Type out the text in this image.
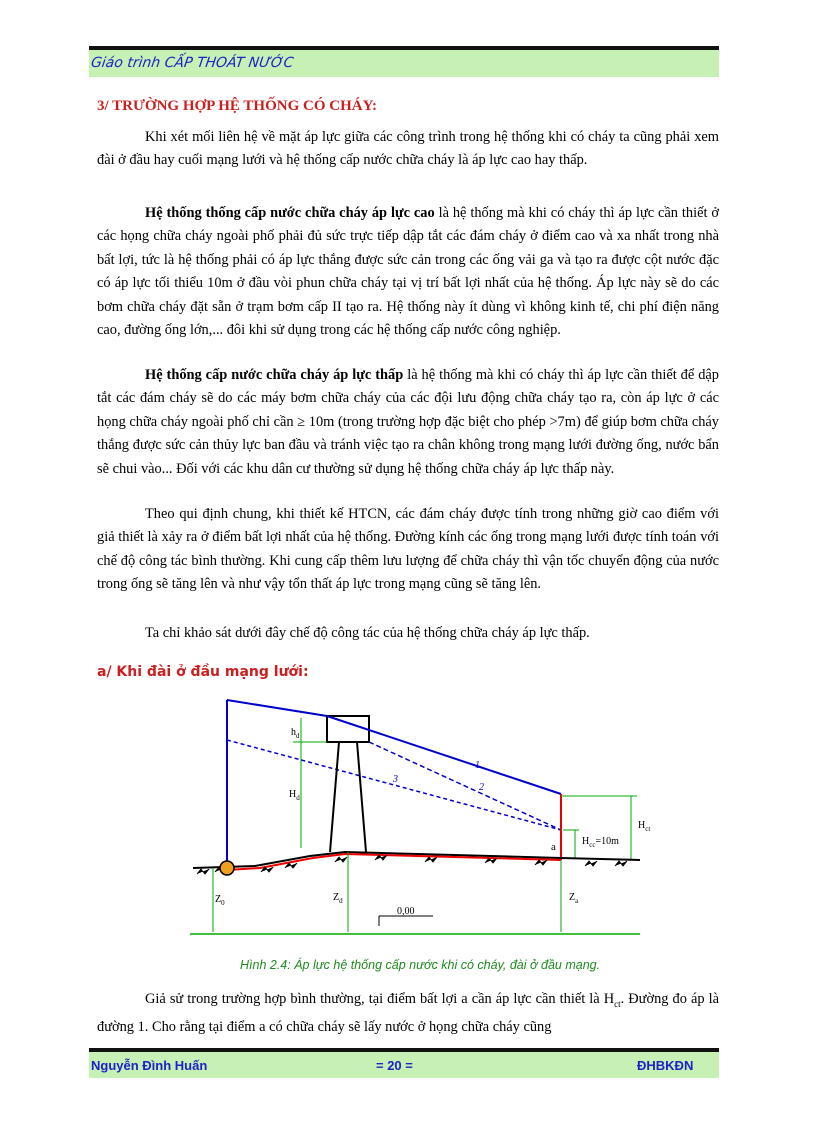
Giáo trình CẤP THOÁT NƯỚC
3/ TRƯỜNG HỢP HỆ THỐNG CÓ CHÁY:

Khi xét mối liên hệ về mặt áp lực giữa các công trình trong hệ thống khi có cháy ta cũng phải xem đài ở đầu hay cuối mạng lưới và hệ thống cấp nước chữa cháy là áp lực cao hay thấp.

Hệ thống thống cấp nước chữa cháy áp lực cao là hệ thống mà khi có cháy thì áp lực cần thiết ở các họng chữa cháy ngoài phố phải đủ sức trực tiếp dập tắt các đám cháy ở điểm cao và xa nhất trong nhà bất lợi, tức là hệ thống phải có áp lực thắng được sức cản trong các ống vải ga và tạo ra được cột nước đặc có áp lực tối thiểu 10m ở đầu vòi phun chữa cháy tại vị trí bất lợi nhất của hệ thống. Áp lực này sẽ do các bơm chữa cháy đặt sẵn ở trạm bơm cấp II tạo ra. Hệ thống này ít dùng vì không kinh tế, chi phí điện năng cao, đường ống lớn,... đôi khi sử dụng trong các hệ thống cấp nước công nghiệp.

Hệ thống cấp nước chữa cháy áp lực thấp là hệ thống mà khi có cháy thì áp lực cần thiết để dập tắt các đám cháy sẽ do các máy bơm chữa cháy của các đội lưu động chữa cháy tạo ra, còn áp lực ở các họng chữa cháy ngoài phố chỉ cần ≥ 10m (trong trường hợp đặc biệt cho phép >7m) để giúp bơm chữa cháy thắng được sức cản thủy lực ban đầu và tránh việc tạo ra chân không trong mạng lưới đường ống, nước bẩn sẽ chui vào... Đối với các khu dân cư thường sử dụng hệ thống chữa cháy áp lực thấp này.

Theo qui định chung, khi thiết kế HTCN, các đám cháy được tính trong những giờ cao điểm với giả thiết là xảy ra ở điểm bất lợi nhất của hệ thống. Đường kính các ống trong mạng lưới được tính toán với chế độ công tác bình thường. Khi cung cấp thêm lưu lượng để chữa cháy thì vận tốc chuyển động của nước trong ống sẽ tăng lên và như vậy tổn thất áp lực trong mạng cũng sẽ tăng lên.

Ta chỉ khảo sát dưới đây chế độ công tác của hệ thống chữa cháy áp lực thấp.

a/ Khi đài ở đầu mạng lưới:
$h_d$
$H_d$
1
2
3
$H_{ct}$
$H_{cc}=10m$
a
$Z_0$	$Z_d$	$Z_a$
0,00
Hình 2.4: Áp lực hệ thống cấp nước khi có cháy, đài ở đầu mạng.

Giả sử trong trường hợp bình thường, tại điểm bất lợi a cần áp lực cần thiết là $H_{ct}$. Đường đo áp là đường 1. Cho rằng tại điểm a có chữa cháy sẽ lấy nước ở họng chữa cháy cũng

Nguyễn Đình Huấn	= 20 =	ĐHBKĐN
